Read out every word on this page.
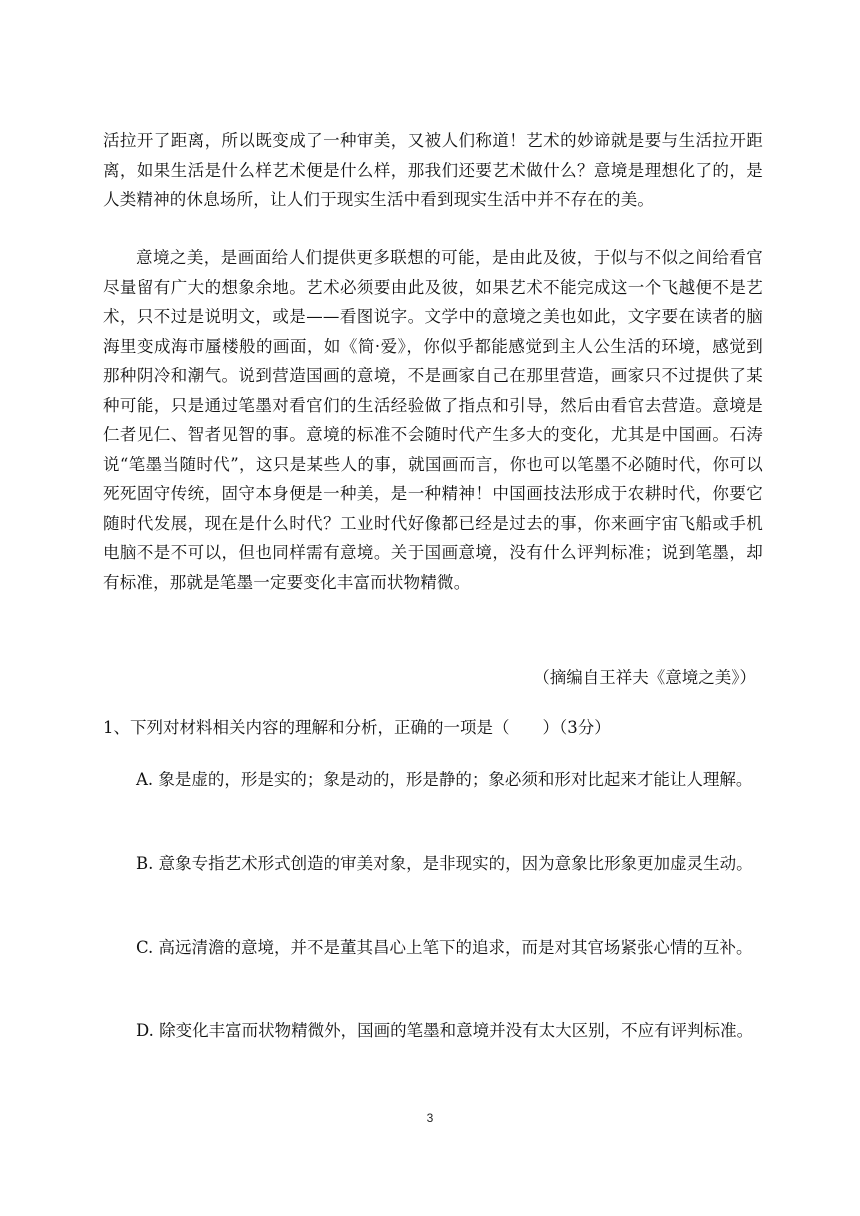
活拉开了距离，所以既变成了一种审美，又被人们称道！艺术的妙谛就是要与生活拉开距离，如果生活是什么样艺术便是什么样，那我们还要艺术做什么？意境是理想化了的，是人类精神的休息场所，让人们于现实生活中看到现实生活中并不存在的美。

意境之美，是画面给人们提供更多联想的可能，是由此及彼，于似与不似之间给看官尽量留有广大的想象余地。艺术必须要由此及彼，如果艺术不能完成这一个飞越便不是艺术，只不过是说明文，或是——看图说字。文学中的意境之美也如此，文字要在读者的脑海里变成海市蜃楼般的画面，如《简·爱》，你似乎都能感觉到主人公生活的环境，感觉到那种阴冷和潮气。说到营造国画的意境，不是画家自己在那里营造，画家只不过提供了某种可能，只是通过笔墨对看官们的生活经验做了指点和引导，然后由看官去营造。意境是仁者见仁、智者见智的事。意境的标准不会随时代产生多大的变化，尤其是中国画。石涛说“笔墨当随时代”，这只是某些人的事，就国画而言，你也可以笔墨不必随时代，你可以死死固守传统，固守本身便是一种美，是一种精神！中国画技法形成于农耕时代，你要它随时代发展，现在是什么时代？工业时代好像都已经是过去的事，你来画宇宙飞船或手机电脑不是不可以，但也同样需有意境。关于国画意境，没有什么评判标准；说到笔墨，却有标准，那就是笔墨一定要变化丰富而状物精微。

（摘编自王祥夫《意境之美》）
1、下列对材料相关内容的理解和分析，正确的一项是（　　）（3分）

A. 象是虚的，形是实的；象是动的，形是静的；象必须和形对比起来才能让人理解。

B. 意象专指艺术形式创造的审美对象，是非现实的，因为意象比形象更加虚灵生动。

C. 高远清澹的意境，并不是董其昌心上笔下的追求，而是对其官场紧张心情的互补。

D. 除变化丰富而状物精微外，国画的笔墨和意境并没有太大区别，不应有评判标准。

3
